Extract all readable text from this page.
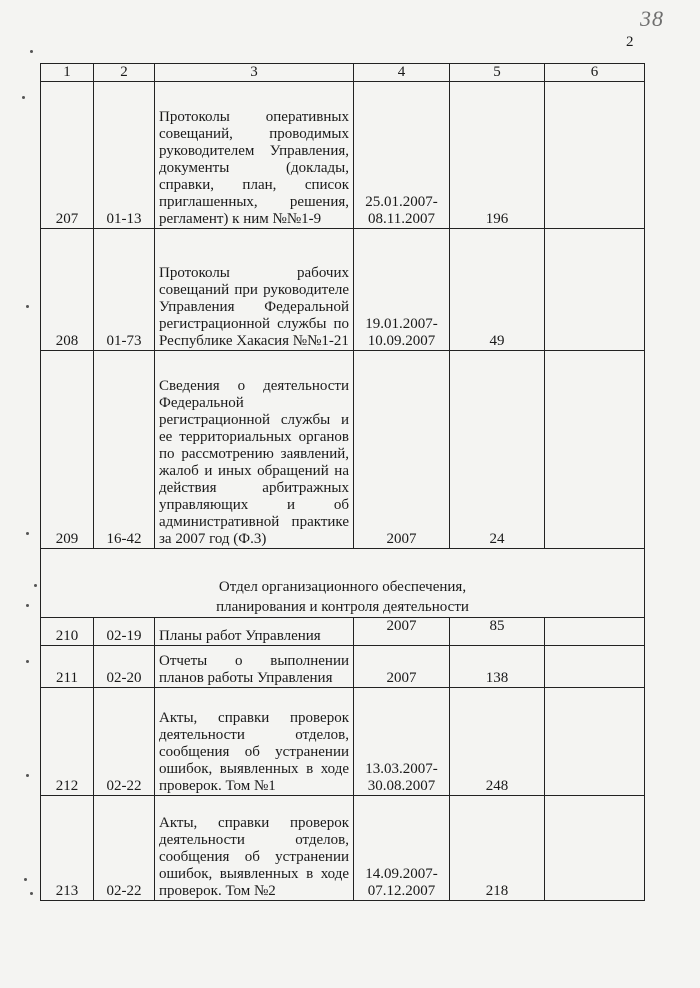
38
2
1	2	3	4	5	6
207	01-13	Протоколы оперативных совещаний, проводимых руководителем Управления, документы (доклады, справки, план, список приглашенных, решения, регламент) к ним №№1-9	25.01.2007-08.11.2007	196	
208	01-73	Протоколы рабочих совещаний при руководителе Управления Федеральной регистрационной службы по Республике Хакасия №№1-21	19.01.2007-10.09.2007	49	
209	16-42	Сведения о деятельности Федеральной регистрационной службы и ее территориальных органов по рассмотрению заявлений, жалоб и иных обращений на действия арбитражных управляющих и об административной практике за 2007 год (Ф.3)	2007	24	

Отдел организационного обеспечения,
планирования и контроля деятельности					

210	02-19	Планы работ Управления	2007	85	
211	02-20	Отчеты о выполнении планов работы Управления	2007	138	
212	02-22	Акты, справки проверок деятельности отделов, сообщения об устранении ошибок, выявленных в ходе проверок. Том №1	13.03.2007-30.08.2007	248	
213	02-22	Акты, справки проверок деятельности отделов, сообщения об устранении ошибок, выявленных в ходе проверок. Том №2	14.09.2007-07.12.2007	218	
